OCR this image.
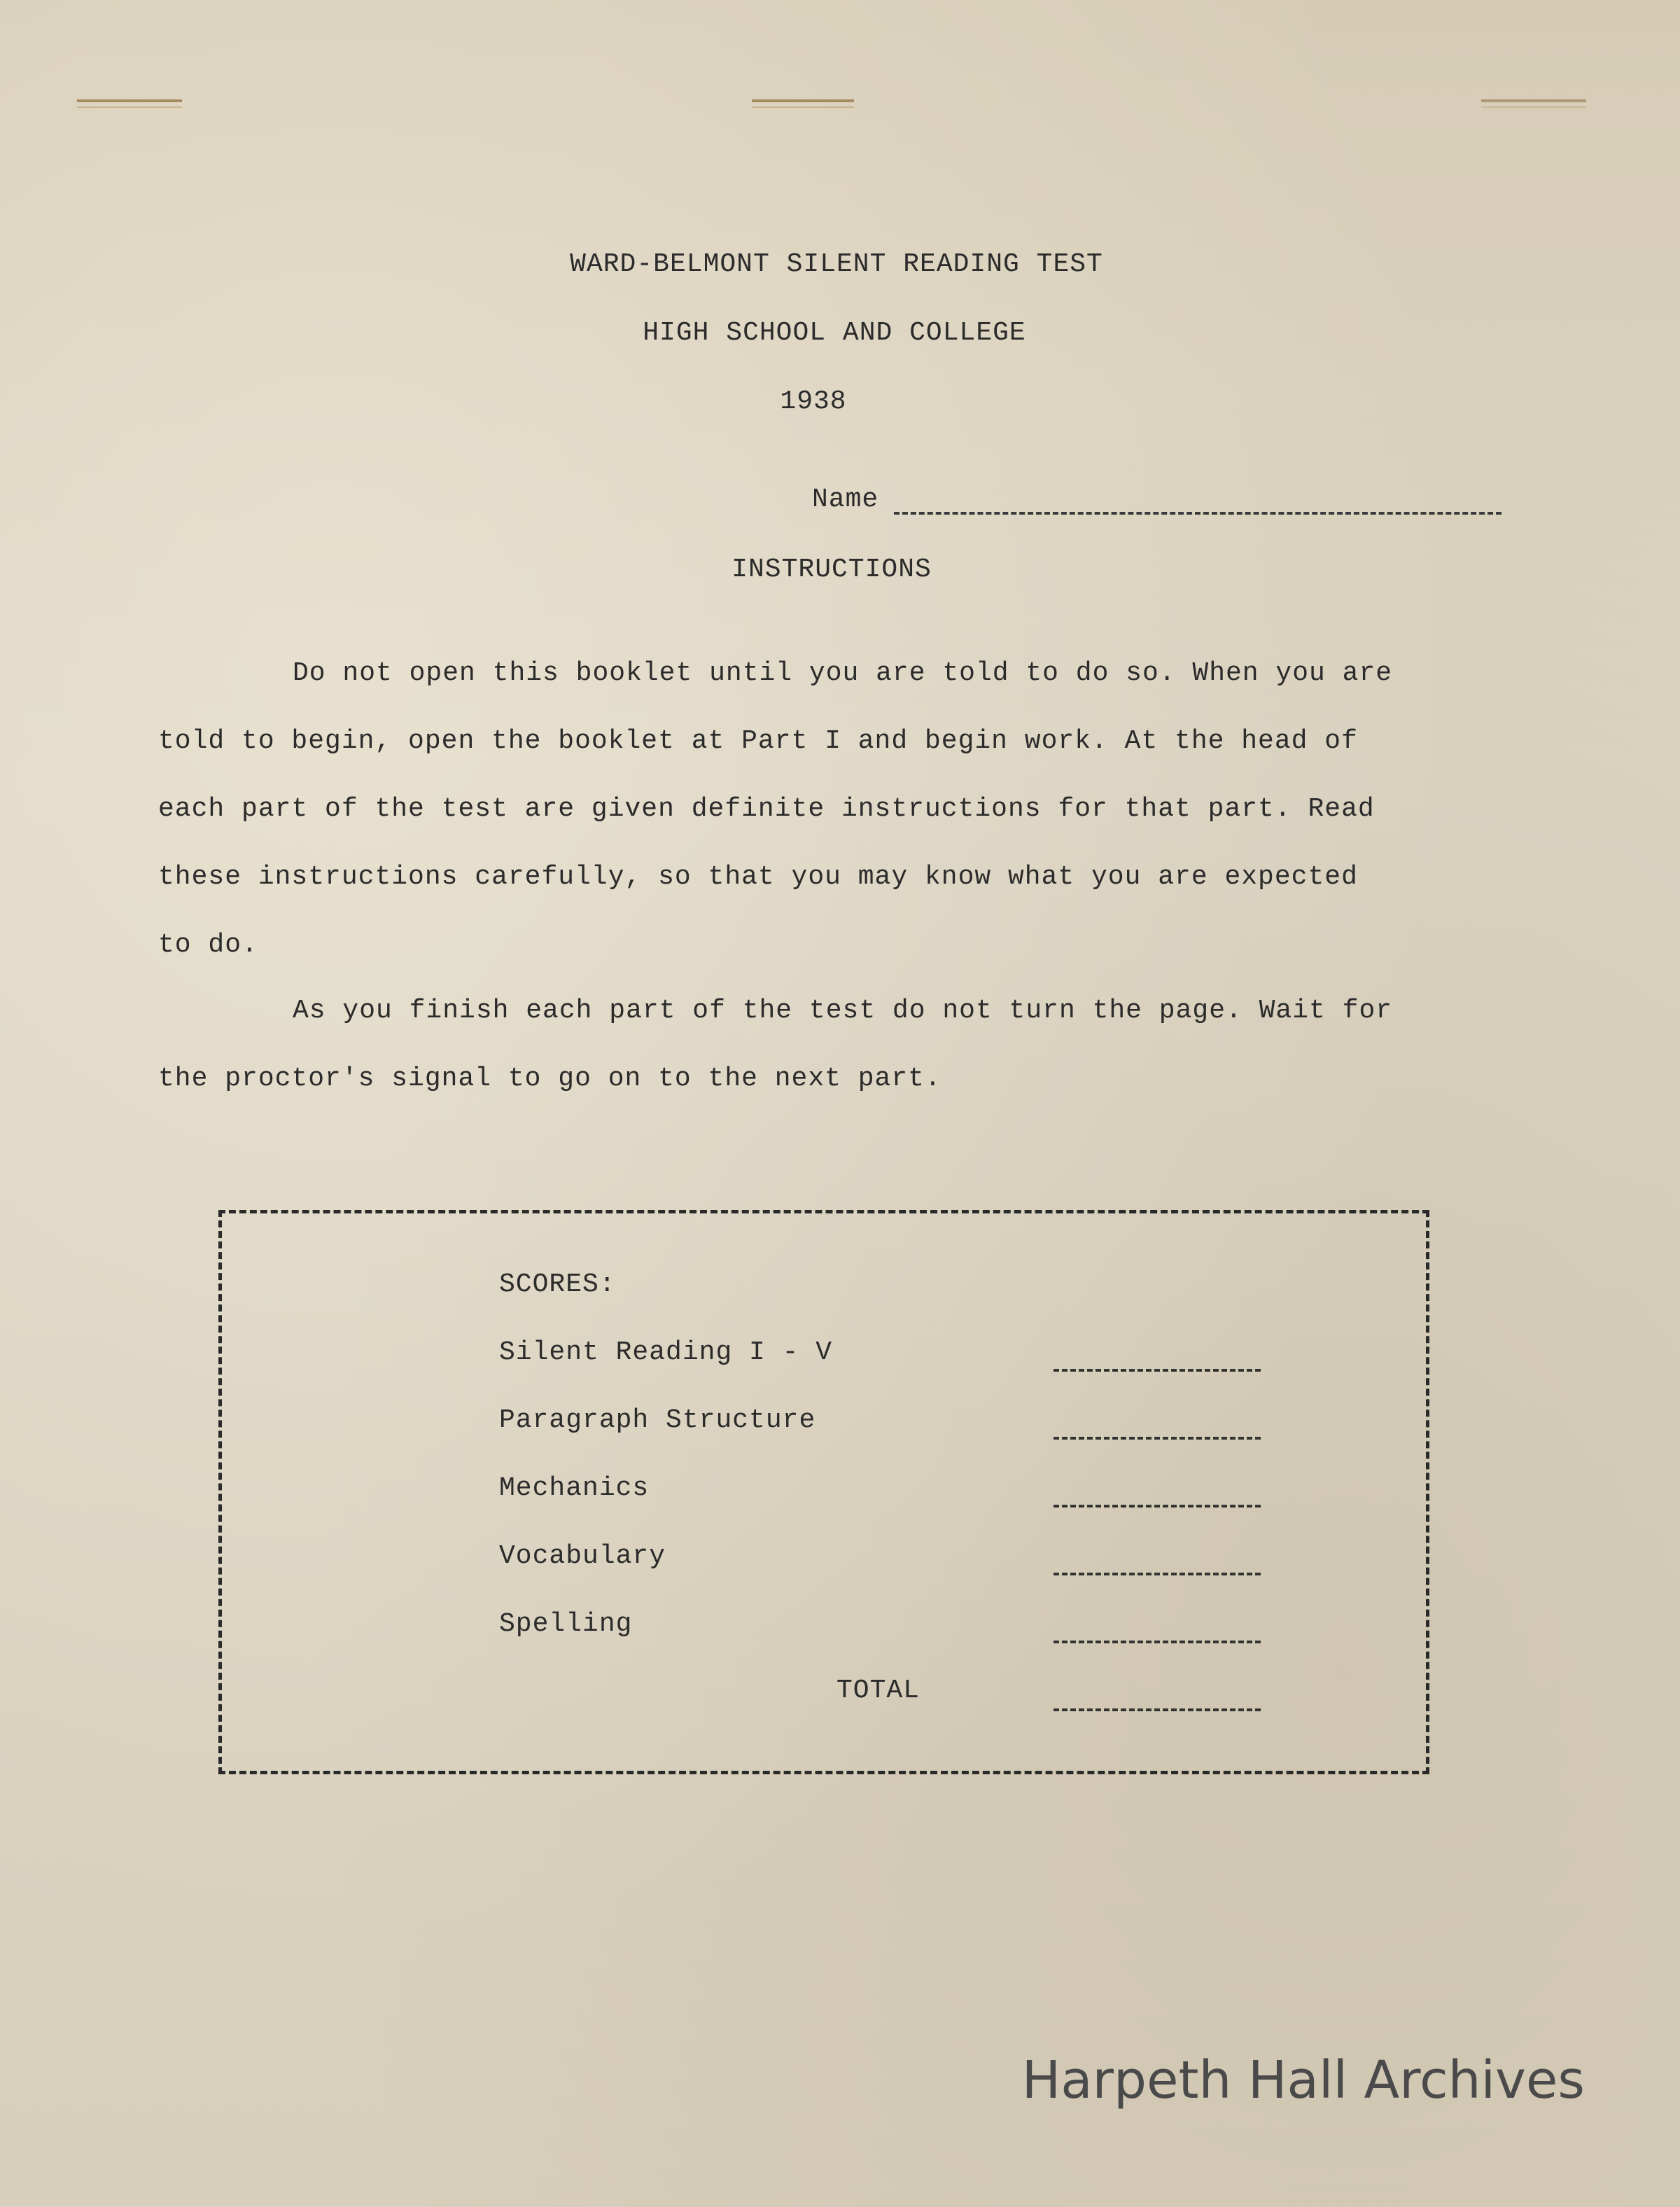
WARD-BELMONT SILENT READING TEST
HIGH SCHOOL AND COLLEGE
1938
Name
INSTRUCTIONS
Do not open this booklet until you are told to do so. When you are
told to begin, open the booklet at Part I and begin work. At the head of
each part of the test are given definite instructions for that part. Read
these instructions carefully, so that you may know what you are expected
to do.
As you finish each part of the test do not turn the page. Wait for
the proctor's signal to go on to the next part.
SCORES:
Silent Reading I - V
Paragraph Structure
Mechanics
Vocabulary
Spelling
TOTAL
Harpeth Hall Archives
